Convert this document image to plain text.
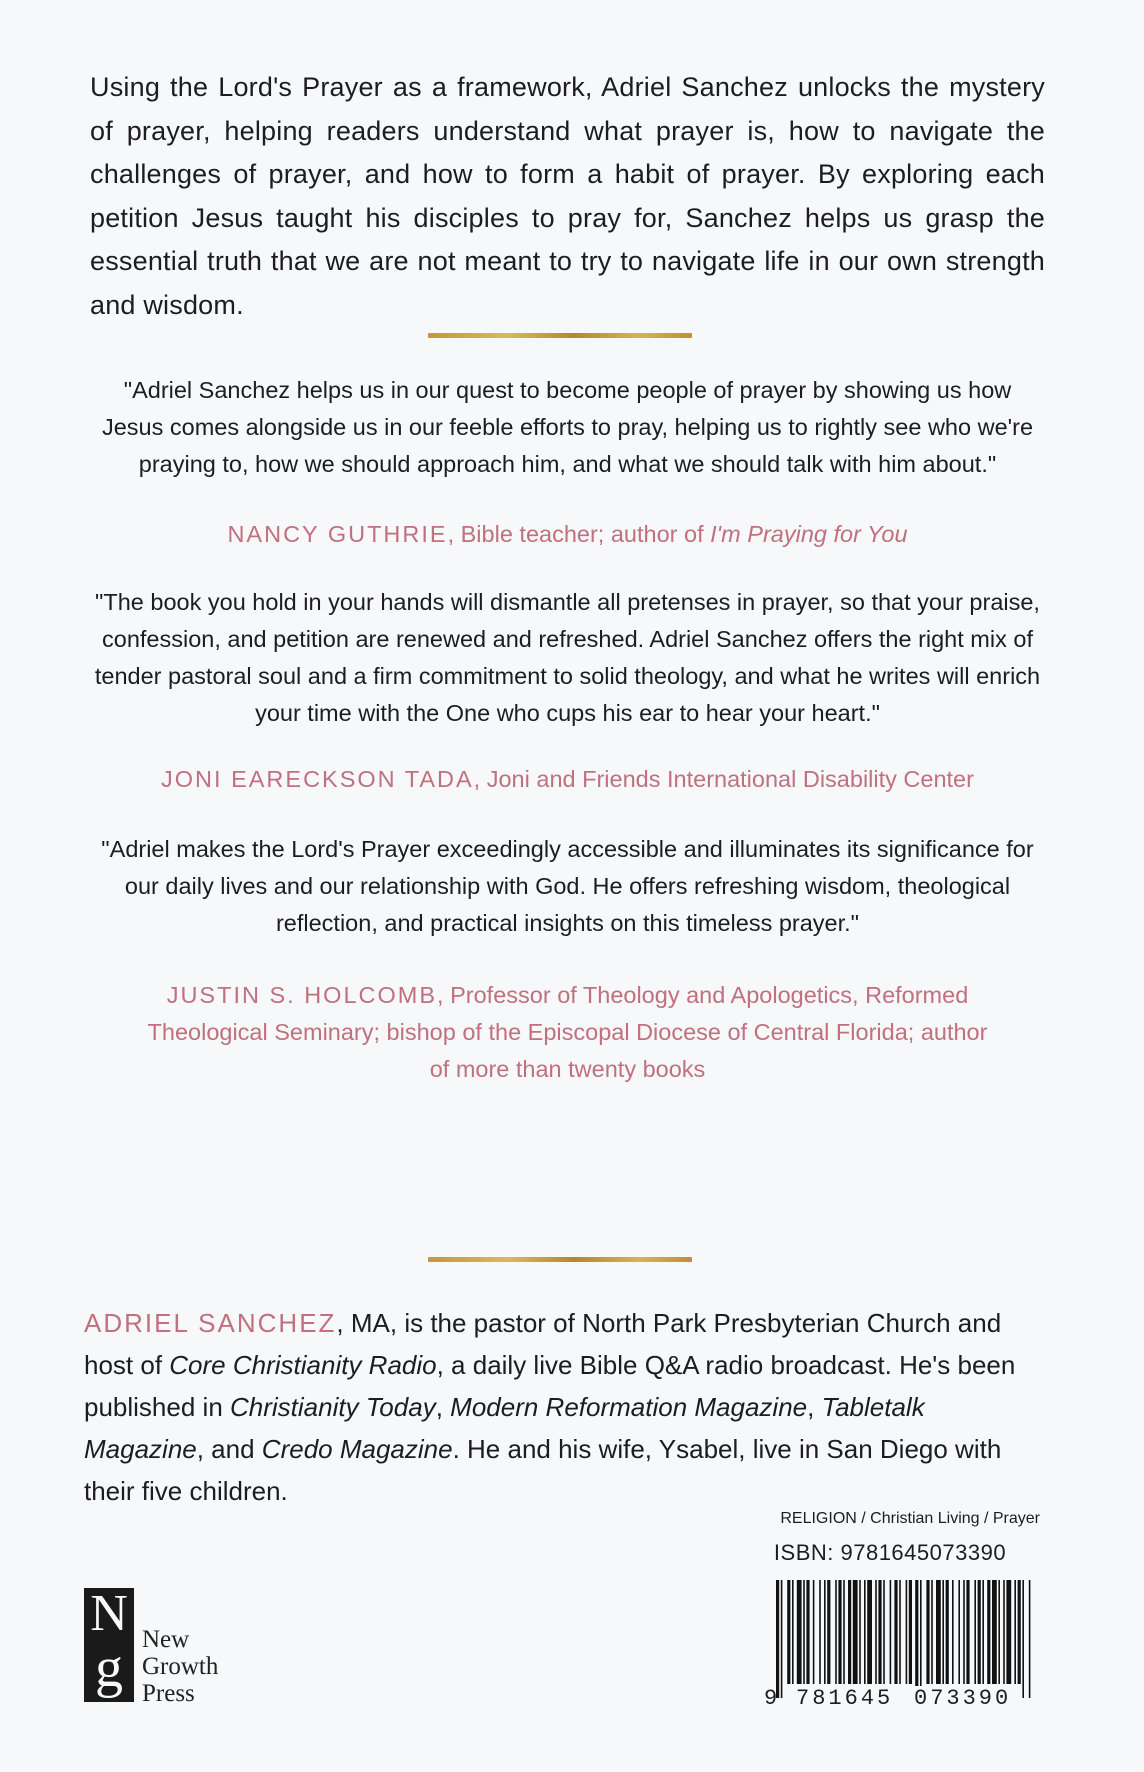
Using the Lord's Prayer as a framework, Adriel Sanchez unlocks the mystery of prayer, helping readers understand what prayer is, how to navigate the challenges of prayer, and how to form a habit of prayer. By exploring each petition Jesus taught his disciples to pray for, Sanchez helps us grasp the essential truth that we are not meant to try to navigate life in our own strength and wisdom.

"Adriel Sanchez helps us in our quest to become people of prayer by showing us how Jesus comes alongside us in our feeble efforts to pray, helping us to rightly see who we're praying to, how we should approach him, and what we should talk with him about."

NANCY GUTHRIE, Bible teacher; author of I'm Praying for You

"The book you hold in your hands will dismantle all pretenses in prayer, so that your praise, confession, and petition are renewed and refreshed. Adriel Sanchez offers the right mix of tender pastoral soul and a firm commitment to solid theology, and what he writes will enrich your time with the One who cups his ear to hear your heart."

JONI EARECKSON TADA, Joni and Friends International Disability Center

"Adriel makes the Lord's Prayer exceedingly accessible and illuminates its significance for our daily lives and our relationship with God. He offers refreshing wisdom, theological reflection, and practical insights on this timeless prayer."

JUSTIN S. HOLCOMB, Professor of Theology and Apologetics, Reformed Theological Seminary; bishop of the Episcopal Diocese of Central Florida; author of more than twenty books

ADRIEL SANCHEZ, MA, is the pastor of North Park Presbyterian Church and host of Core Christianity Radio, a daily live Bible Q&A radio broadcast. He's been published in Christianity Today, Modern Reformation Magazine, Tabletalk Magazine, and Credo Magazine. He and his wife, Ysabel, live in San Diego with their five children.

N
g New
Growth
Press

RELIGION / Christian Living / Prayer

ISBN: 9781645073390

9 781645 073390
